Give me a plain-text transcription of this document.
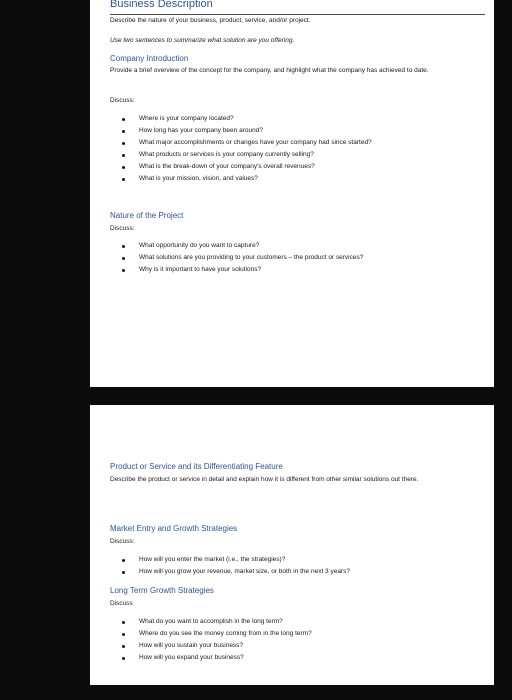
Business Description
Describe the nature of your business, product, service, and/or project.
Use two sentences to summarize what solution are you offering.
Company Introduction
Provide a brief overview of the concept for the company, and highlight what the company has achieved to date.
Discuss:
Where is your company located?
How long has your company been around?
What major accomplishments or changes have your company had since started?
What products or services is your company currently selling?
What is the break-down of your company's overall revenues?
What is your mission, vision, and values?
Nature of the Project
Discuss:
What opportunity do you want to capture?
What solutions are you providing to your customers – the product or services?
Why is it important to have your solutions?
Product or Service and its Differentiating Feature
Describe the product or service in detail and explain how it is different from other similar solutions out there.
Market Entry and Growth Strategies
Discuss:
How will you enter the market (i.e., the strategies)?
How will you grow your revenue, market size, or both in the next 3 years?
Long Term Growth Strategies
Discuss
What do you want to accomplish in the long term?
Where do you see the money coming from in the long term?
How will you sustain your business?
How will you expand your business?
